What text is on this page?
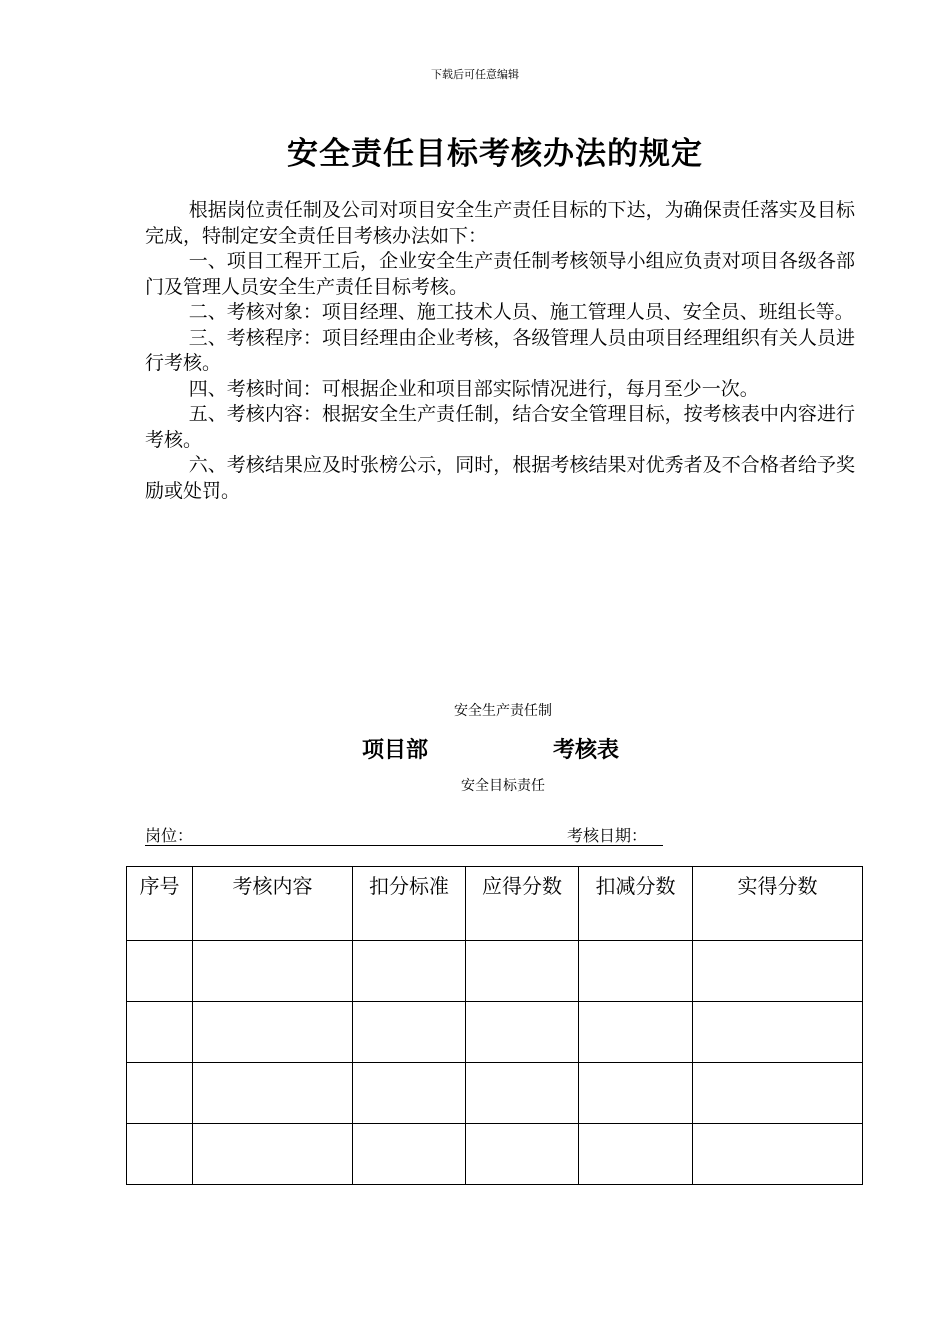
下载后可任意编辑
安全责任目标考核办法的规定

根据岗位责任制及公司对项目安全生产责任目标的下达，为确保责任落实及目标完成，特制定安全责任目考核办法如下：

一、项目工程开工后，企业安全生产责任制考核领导小组应负责对项目各级各部门及管理人员安全生产责任目标考核。

二、考核对象：项目经理、施工技术人员、施工管理人员、安全员、班组长等。

三、考核程序：项目经理由企业考核，各级管理人员由项目经理组织有关人员进行考核。

四、考核时间：可根据企业和项目部实际情况进行，每月至少一次。

五、考核内容：根据安全生产责任制，结合安全管理目标，按考核表中内容进行考核。

六、考核结果应及时张榜公示，同时，根据考核结果对优秀者及不合格者给予奖励或处罚。

安全生产责任制
项目部	考核表
安全目标责任
岗位：	考核日期：
序号	考核内容	扣分标准	应得分数	扣减分数	实得分数
